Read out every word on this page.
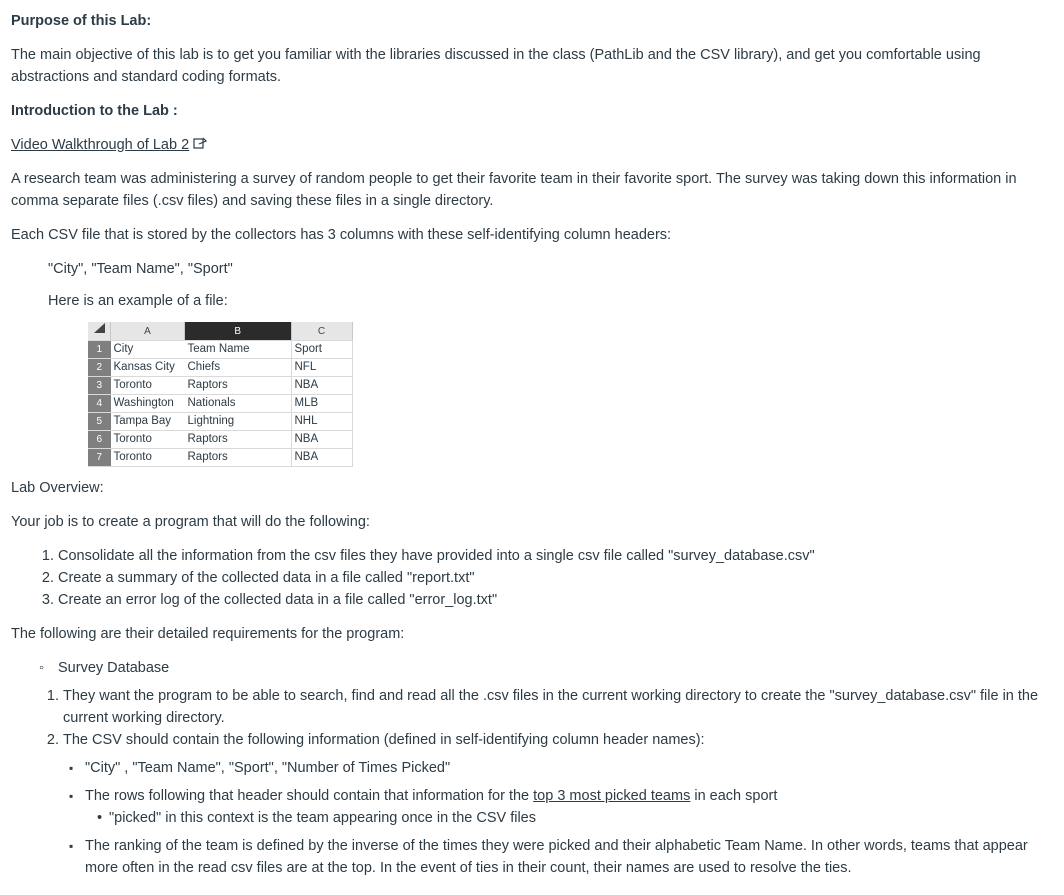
Purpose of this Lab:

The main objective of this lab is to get you familiar with the libraries discussed in the class (PathLib and the CSV library), and get you comfortable using abstractions and standard coding formats.

Introduction to the Lab :

Video Walkthrough of Lab 2

A research team was administering a survey of random people to get their favorite team in their favorite sport. The survey was taking down this information in comma separate files (.csv files) and saving these files in a single directory.

Each CSV file that is stored by the collectors has 3 columns with these self-identifying column headers:

"City", "Team Name", "Sport"

Here is an example of a file:

	A	B	C
1	City	Team Name	Sport
2	Kansas City	Chiefs	NFL
3	Toronto	Raptors	NBA
4	Washington	Nationals	MLB
5	Tampa Bay	Lightning	NHL
6	Toronto	Raptors	NBA
7	Toronto	Raptors	NBA

Lab Overview:

Your job is to create a program that will do the following:

1. Consolidate all the information from the csv files they have provided into a single csv file called "survey_database.csv"
2. Create a summary of the collected data in a file called "report.txt"
3. Create an error log of the collected data in a file called "error_log.txt"

The following are their detailed requirements for the program:

◦ Survey Database
1. They want the program to be able to search, find and read all the .csv files in the current working directory to create the "survey_database.csv" file in the current working directory.
2. The CSV should contain the following information (defined in self-identifying column header names):
▪ "City" , "Team Name", "Sport", "Number of Times Picked"
▪ The rows following that header should contain that information for the top 3 most picked teams in each sport
• "picked" in this context is the team appearing once in the CSV files
▪ The ranking of the team is defined by the inverse of the times they were picked and their alphabetic Team Name. In other words, teams that appear more often in the read csv files are at the top. In the event of ties in their count, their names are used to resolve the ties.
